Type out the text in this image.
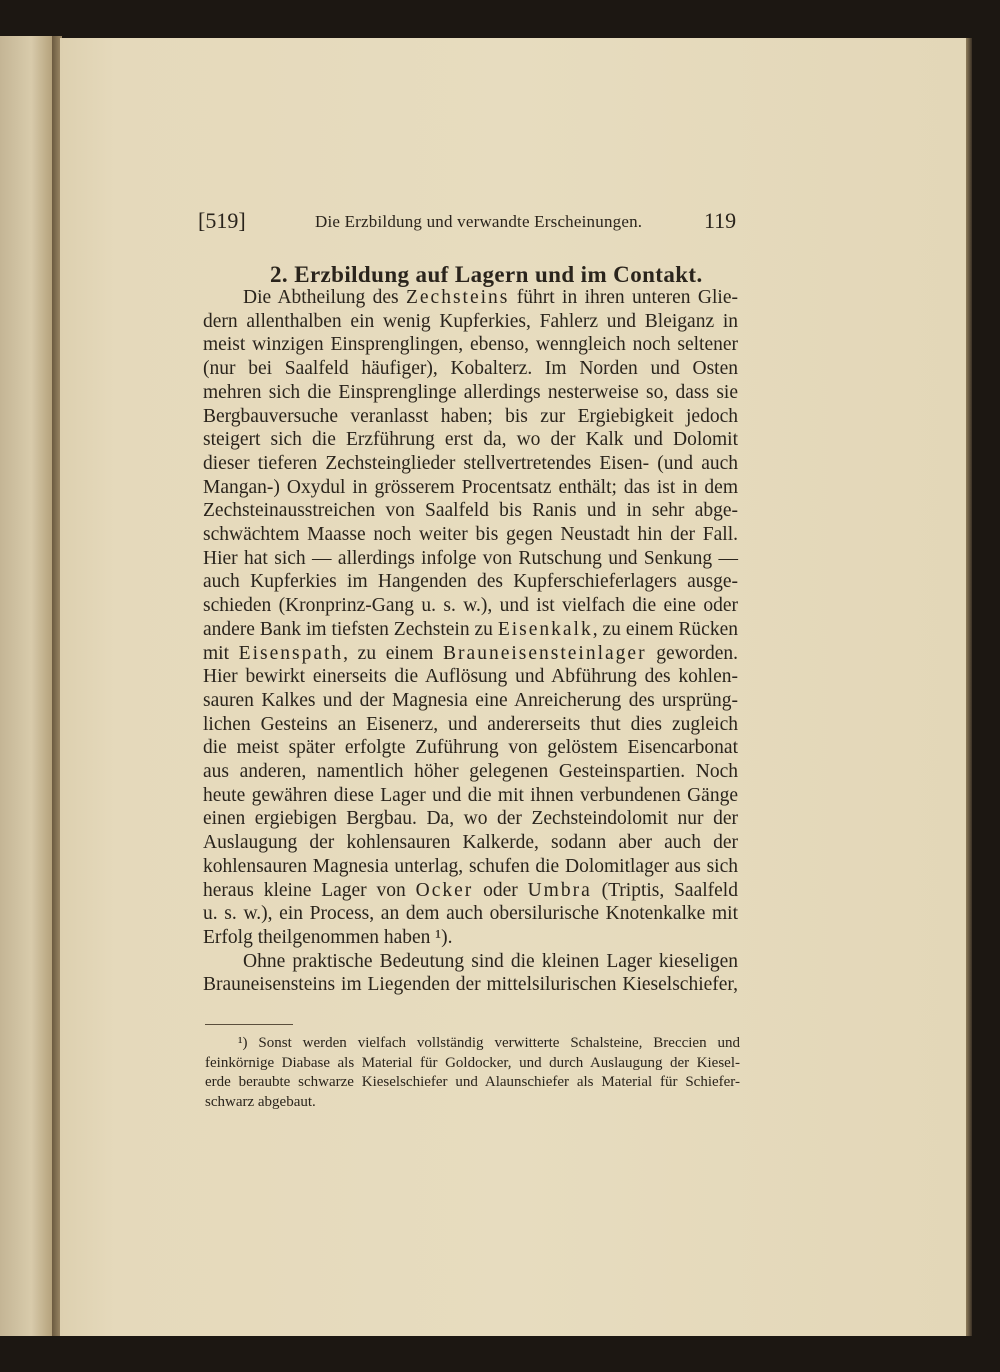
[519]	Die Erzbildung und verwandte Erscheinungen.	119
2. Erzbildung auf Lagern und im Contakt.
Die Abtheilung des Zechsteins führt in ihren unteren Glie-
dern allenthalben ein wenig Kupferkies, Fahlerz und Bleiganz in
meist winzigen Einsprenglingen, ebenso, wenngleich noch seltener
(nur bei Saalfeld häufiger), Kobalterz. Im Norden und Osten
mehren sich die Einsprenglinge allerdings nesterweise so, dass sie
Bergbauversuche veranlasst haben; bis zur Ergiebigkeit jedoch
steigert sich die Erzführung erst da, wo der Kalk und Dolomit
dieser tieferen Zechsteinglieder stellvertretendes Eisen- (und auch
Mangan-) Oxydul in grösserem Procentsatz enthält; das ist in dem
Zechsteinausstreichen von Saalfeld bis Ranis und in sehr abge-
schwächtem Maasse noch weiter bis gegen Neustadt hin der Fall.
Hier hat sich — allerdings infolge von Rutschung und Senkung —
auch Kupferkies im Hangenden des Kupferschieferlagers ausge-
schieden (Kronprinz-Gang u. s. w.), und ist vielfach die eine oder
andere Bank im tiefsten Zechstein zu Eisenkalk, zu einem Rücken
mit Eisenspath, zu einem Brauneisensteinlager geworden.
Hier bewirkt einerseits die Auflösung und Abführung des kohlen-
sauren Kalkes und der Magnesia eine Anreicherung des ursprüng-
lichen Gesteins an Eisenerz, und andererseits thut dies zugleich
die meist später erfolgte Zuführung von gelöstem Eisencarbonat
aus anderen, namentlich höher gelegenen Gesteinspartien. Noch
heute gewähren diese Lager und die mit ihnen verbundenen Gänge
einen ergiebigen Bergbau. Da, wo der Zechsteindolomit nur der
Auslaugung der kohlensauren Kalkerde, sodann aber auch der
kohlensauren Magnesia unterlag, schufen die Dolomitlager aus sich
heraus kleine Lager von Ocker oder Umbra (Triptis, Saalfeld
u. s. w.), ein Process, an dem auch obersilurische Knotenkalke mit
Erfolg theilgenommen haben ¹).
Ohne praktische Bedeutung sind die kleinen Lager kieseligen
Brauneisensteins im Liegenden der mittelsilurischen Kieselschiefer,
¹) Sonst werden vielfach vollständig verwitterte Schalsteine, Breccien und
feinkörnige Diabase als Material für Goldocker, und durch Auslaugung der Kiesel-
erde beraubte schwarze Kieselschiefer und Alaunschiefer als Material für Schiefer-
schwarz abgebaut.
